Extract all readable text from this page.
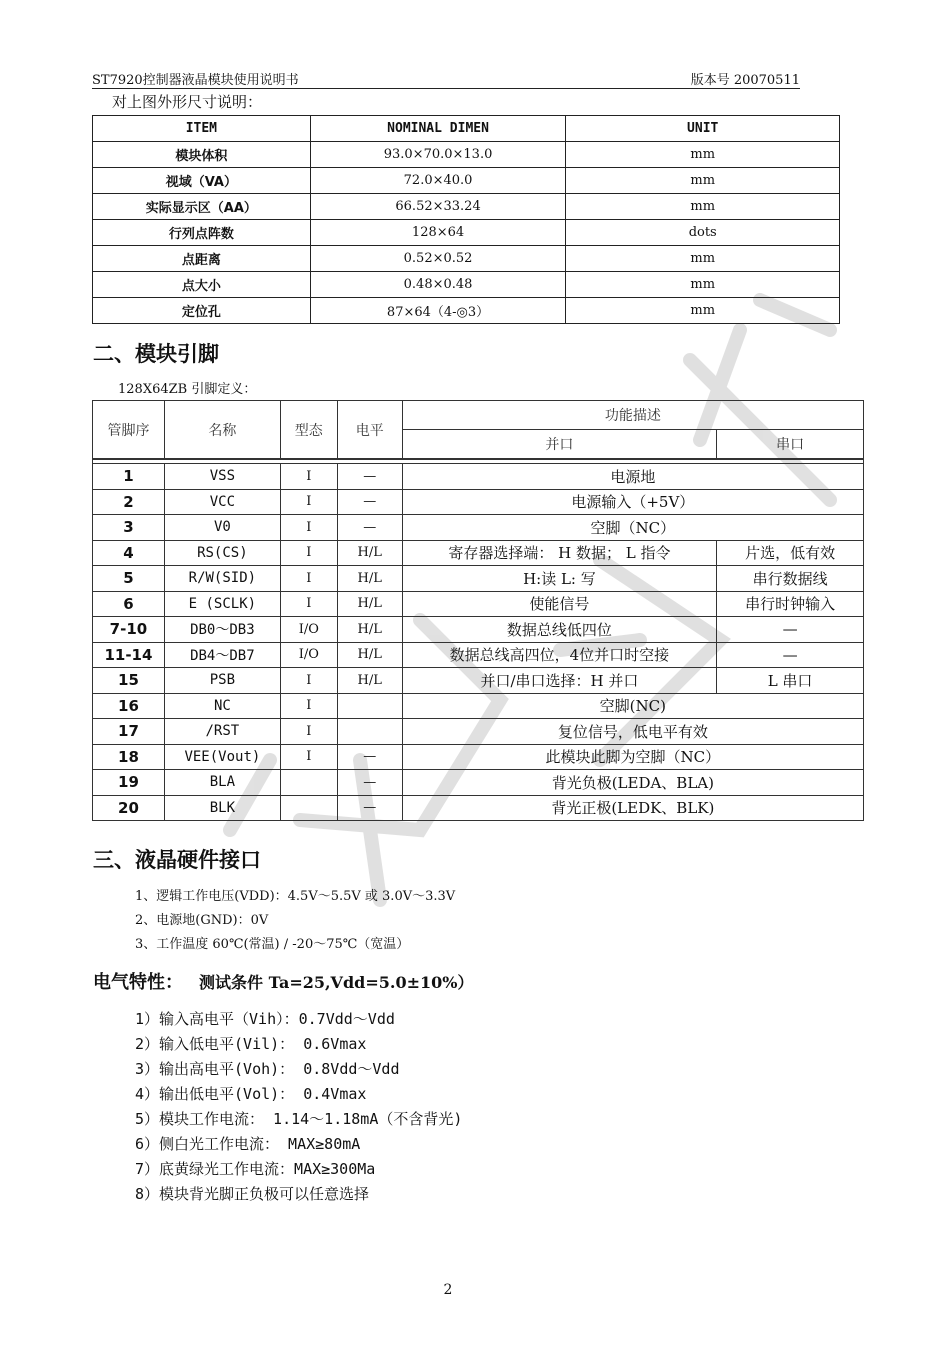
ST7920控制器液晶模块使用说明书	版本号 20070511
对上图外形尺寸说明：
ITEM	NOMINAL DIMEN	UNIT
模块体积	93.0×70.0×13.0	mm
视域（VA）	72.0×40.0	mm
实际显示区（AA）	66.52×33.24	mm
行列点阵数	128×64	dots
点距离	0.52×0.52	mm
点大小	0.48×0.48	mm
定位孔	87×64（4-◎3）	mm
二、模块引脚
128X64ZB 引脚定义：
管脚序	名称	型态	电平	功能描述	
				并口	串口

1	VSS	I	—	电源地	
2	VCC	I	—	电源输入（+5V）	
3	V0	I	—	空脚（NC）	
4	RS(CS)	I	H/L	寄存器选择端： H 数据； L 指令	片选，低有效
5	R/W(SID)	I	H/L	H:读 L: 写	串行数据线
6	E (SCLK)	I	H/L	使能信号	串行时钟输入
7-10	DB0～DB3	I/O	H/L	数据总线低四位	—
11-14	DB4～DB7	I/O	H/L	数据总线高四位，4位并口时空接	—
15	PSB	I	H/L	并口/串口选择：H 并口	L 串口
16	NC	I		空脚(NC)	
17	/RST	I		复位信号，低电平有效	
18	VEE(Vout)	I	—	此模块此脚为空脚（NC）	
19	BLA		—	背光负极(LEDA、BLA)	
20	BLK		—	背光正极(LEDK、BLK)	
三、液晶硬件接口
1、逻辑工作电压(VDD)：4.5V～5.5V 或 3.0V～3.3V
2、电源地(GND)：0V
3、工作温度 60℃(常温) / -20～75℃（宽温）
电气特性： 测试条件 Ta=25,Vdd=5.0±10%）
1）输入高电平（Vih）：0.7Vdd～Vdd
2）输入低电平(Vil)： 0.6Vmax
3）输出高电平(Voh)： 0.8Vdd～Vdd
4）输出低电平(Vol)： 0.4Vmax
5）模块工作电流： 1.14～1.18mA（不含背光)
6）侧白光工作电流： MAX≥80mA
7）底黄绿光工作电流：MAX≥300Ma
8）模块背光脚正负极可以任意选择
2
